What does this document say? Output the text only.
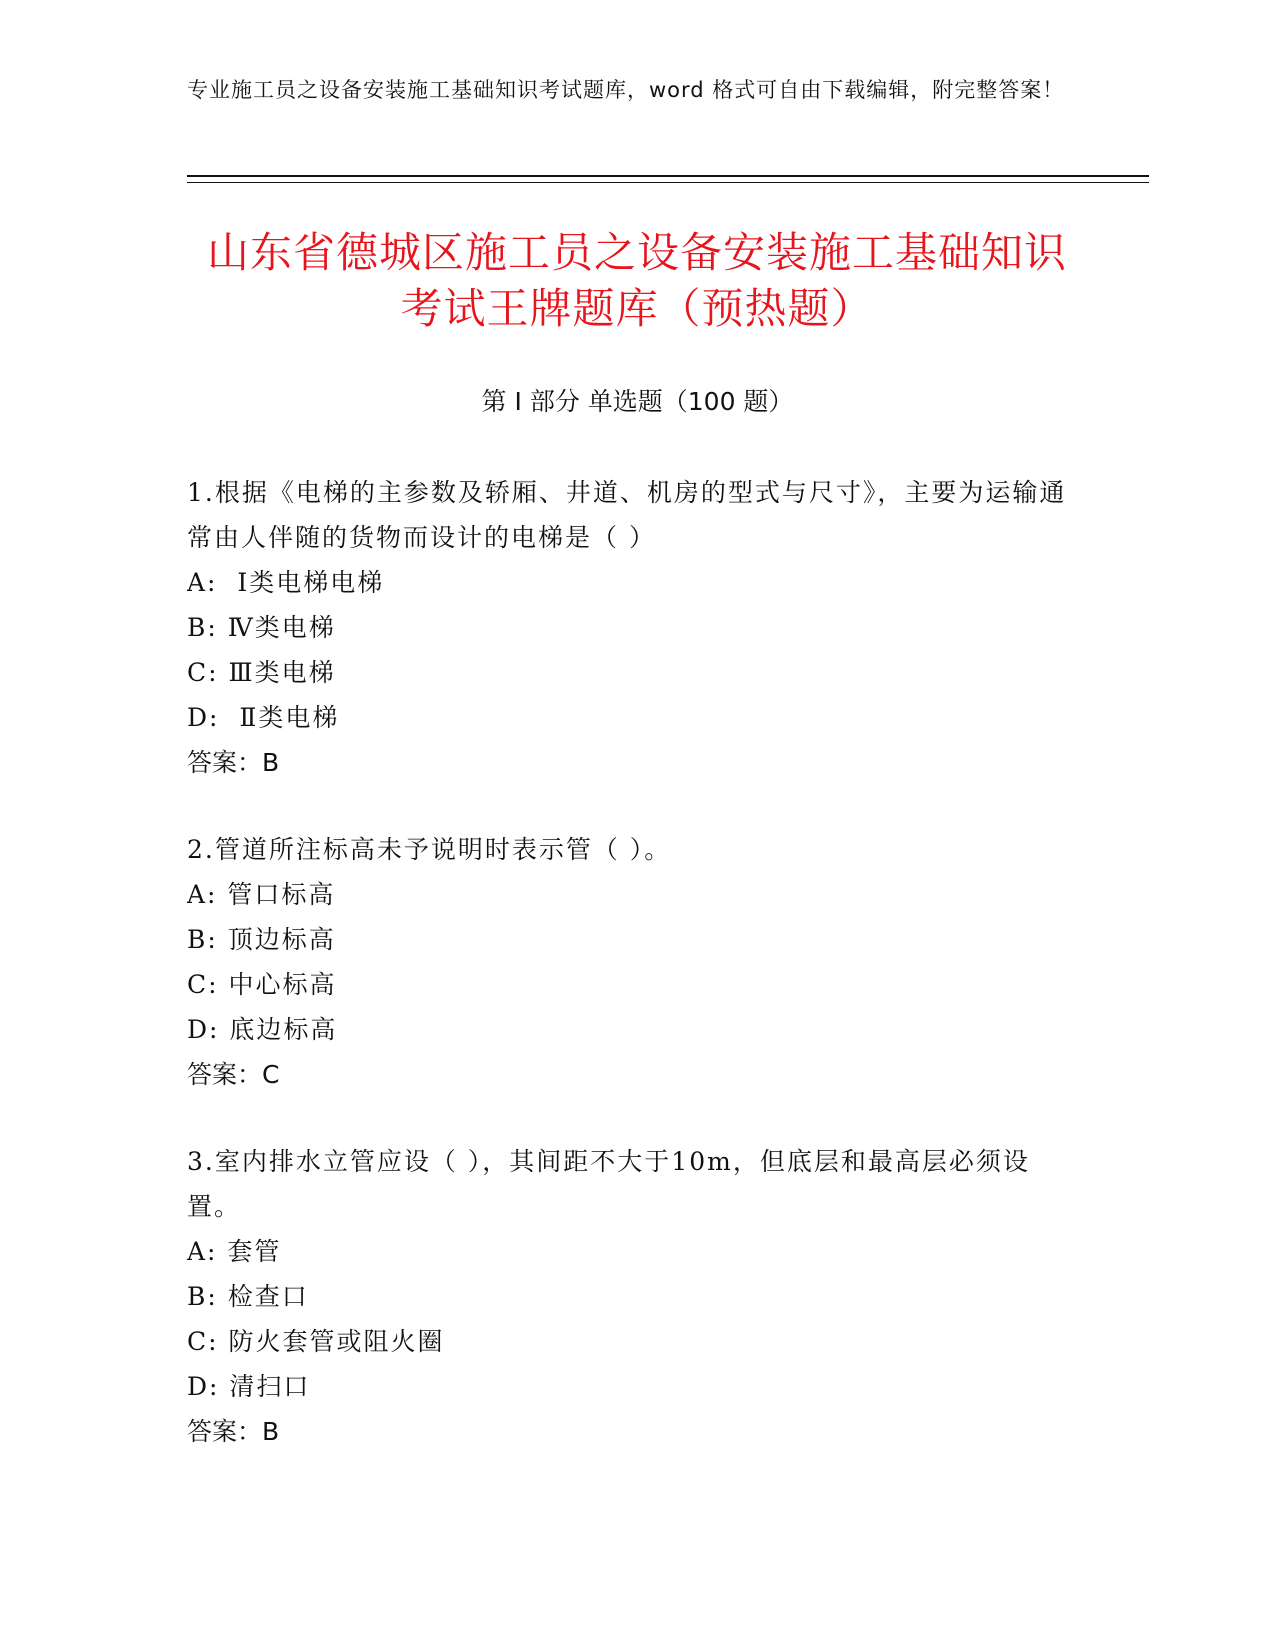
专业施工员之设备安装施工基础知识考试题库，word 格式可自由下载编辑，附完整答案！
山东省德城区施工员之设备安装施工基础知识考试王牌题库（预热题）
第 I 部分 单选题（100 题）
1.根据《电梯的主参数及轿厢、井道、机房的型式与尺寸》，主要为运输通常由人伴随的货物而设计的电梯是（ ）
A:  Ⅰ类电梯电梯
B: Ⅳ类电梯
C: Ⅲ类电梯
D:  Ⅱ类电梯
答案：B
2.管道所注标高未予说明时表示管（ ）。
A: 管口标高
B: 顶边标高
C: 中心标高
D: 底边标高
答案：C
3.室内排水立管应设（ ），其间距不大于10m，但底层和最高层必须设置。
A: 套管
B: 检查口
C: 防火套管或阻火圈
D: 清扫口
答案：B
